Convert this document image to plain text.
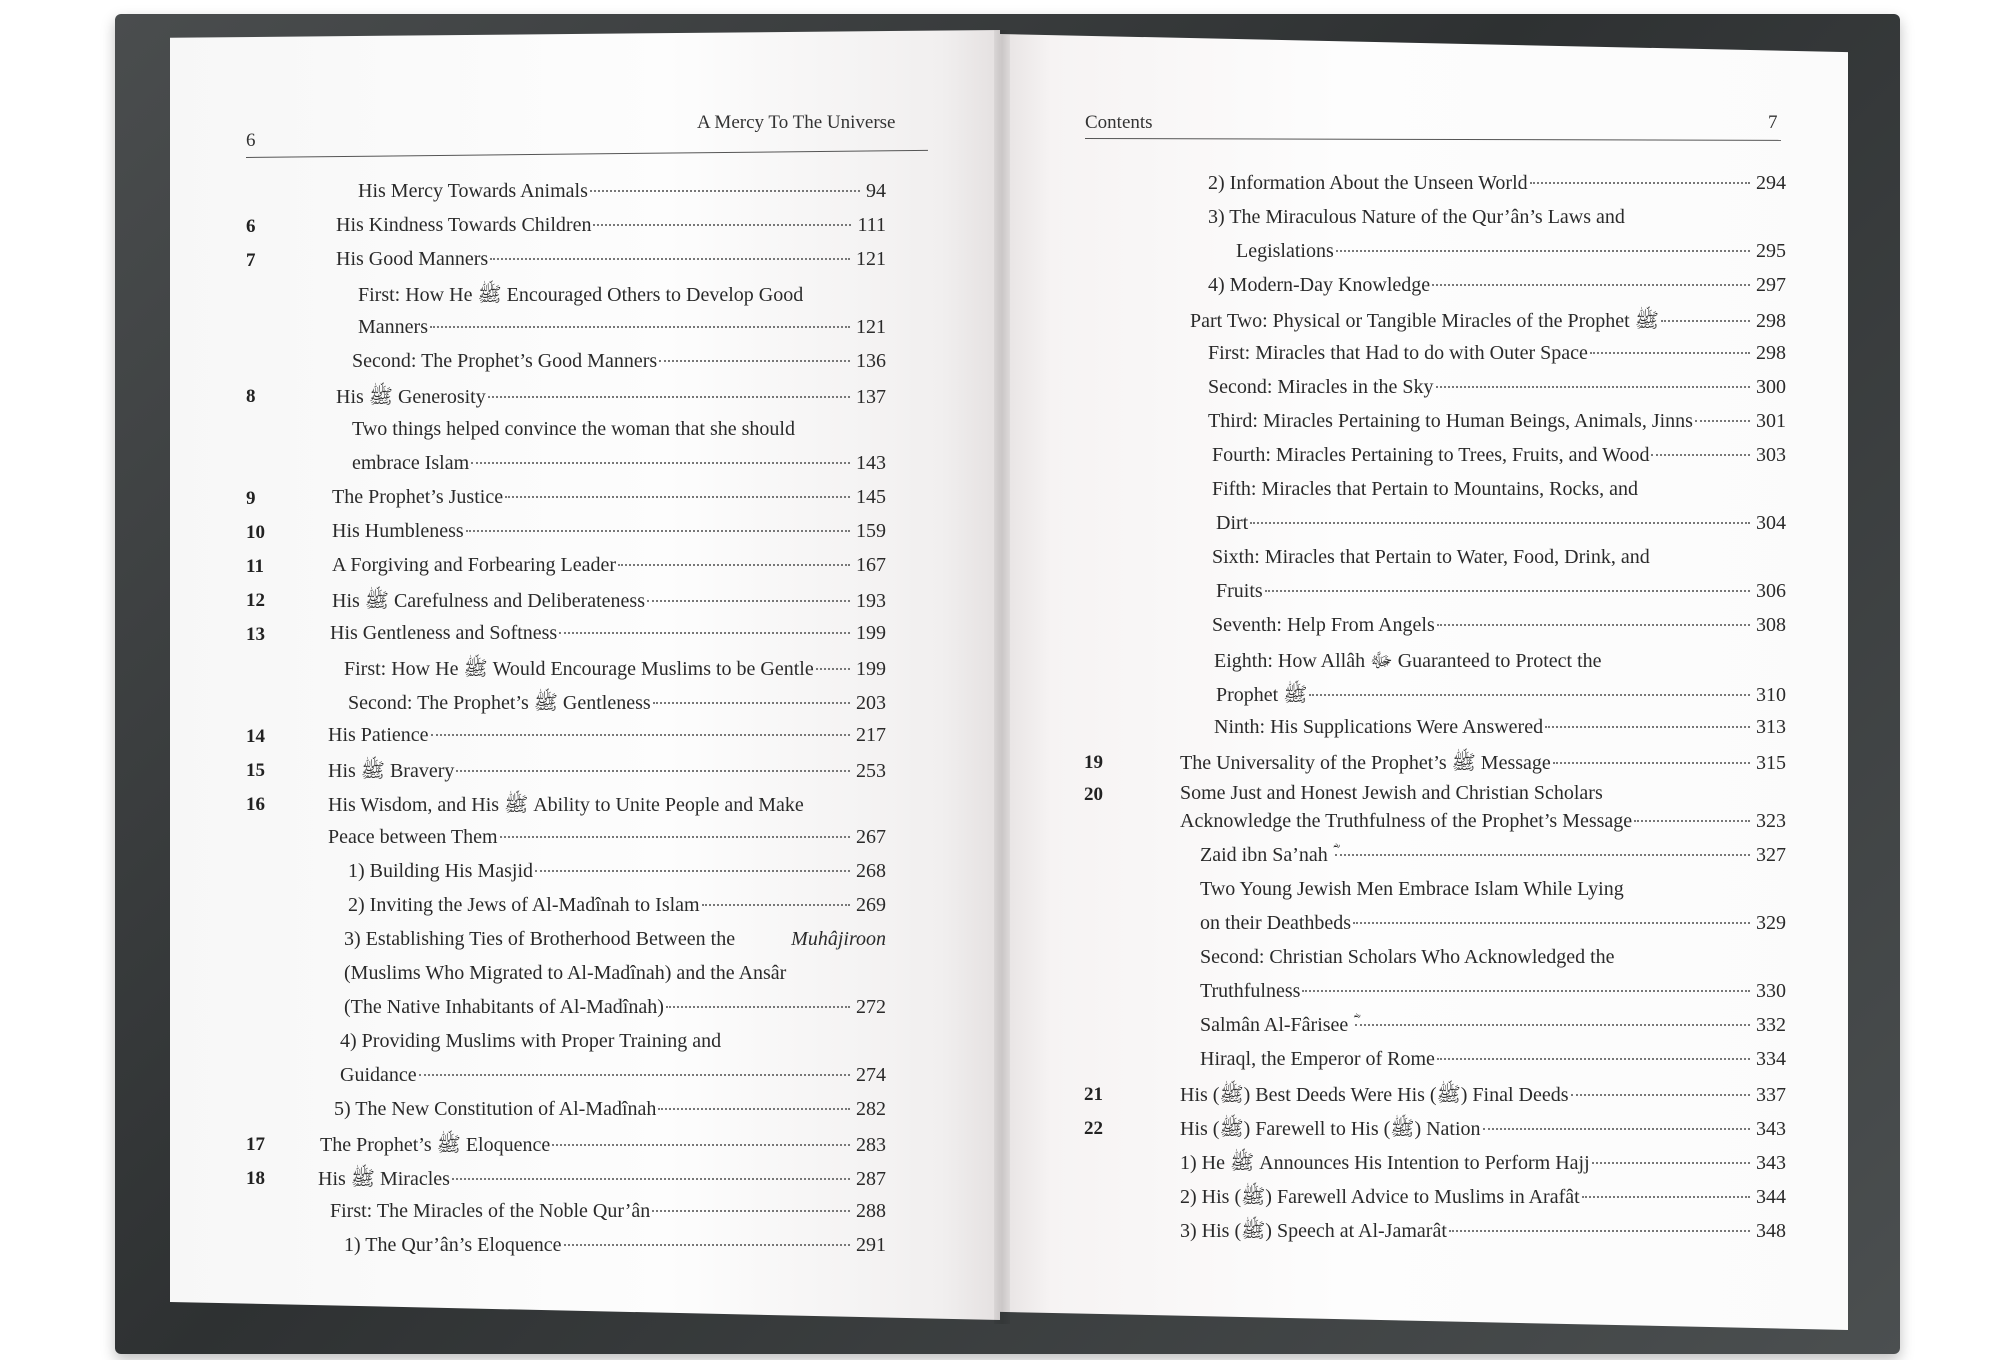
6
A Mercy To The Universe	Contents	7
His Mercy Towards Animals	94
6	His Kindness Towards Children	111
7	His Good Manners	121
First: How He ﷺ Encouraged Others to Develop Good
Manners	121
Second: The Prophet’s Good Manners	136
8	His ﷺ Generosity	137
Two things helped convince the woman that she should
embrace Islam	143
9	The Prophet’s Justice	145
10	His Humbleness	159
11	A Forgiving and Forbearing Leader	167
12	His ﷺ Carefulness and Deliberateness	193
13	His Gentleness and Softness	199
First: How He ﷺ Would Encourage Muslims to be Gentle 199
Second: The Prophet’s ﷺ Gentleness	203
14	His Patience	217
15	His ﷺ Bravery	253
16	His Wisdom, and His ﷺ Ability to Unite People and Make
Peace between Them	267
1) Building His Masjid	268
2) Inviting the Jews of Al-Madînah to Islam	269
3) Establishing Ties of Brotherhood Between the	Muhâjiroon
(Muslims Who Migrated to Al-Madînah) and the Ansâr
(The Native Inhabitants of Al-Madînah)	272
4) Providing Muslims with Proper Training and
Guidance	274
5) The New Constitution of Al-Madînah	282
17	The Prophet’s ﷺ Eloquence	283
18	His ﷺ Miracles	287
First: The Miracles of the Noble Qur’ân	288
1) The Qur’ân’s Eloquence	291
2) Information About the Unseen World	294
3) The Miraculous Nature of the Qur’ân’s Laws and
Legislations	295
4) Modern-Day Knowledge	297
Part Two: Physical or Tangible Miracles of the Prophet ﷺ	298
First: Miracles that Had to do with Outer Space	298
Second: Miracles in the Sky	300
Third: Miracles Pertaining to Human Beings, Animals, Jinns	301
Fourth: Miracles Pertaining to Trees, Fruits, and Wood	303
Fifth: Miracles that Pertain to Mountains, Rocks, and
Dirt	304
Sixth: Miracles that Pertain to Water, Food, Drink, and
Fruits	306
Seventh: Help From Angels	308
Eighth: How Allâh ﷻ Guaranteed to Protect the
Prophet ﷺ	310
Ninth: His Supplications Were Answered	313
19	The Universality of the Prophet’s ﷺ Message	315
20	Some Just and Honest Jewish and Christian Scholars
Acknowledge the Truthfulness of the Prophet’s Message	323
Zaid ibn Sa’nah ؓ	327
Two Young Jewish Men Embrace Islam While Lying
on their Deathbeds	329
Second: Christian Scholars Who Acknowledged the
Truthfulness	330
Salmân Al-Fârisee ؓ	332
Hiraql, the Emperor of Rome	334
21	His (ﷺ) Best Deeds Were His (ﷺ) Final Deeds	337
22	His (ﷺ) Farewell to His (ﷺ) Nation	343
1) He ﷺ Announces His Intention to Perform Hajj	343
2) His (ﷺ) Farewell Advice to Muslims in Arafât	344
3) His (ﷺ) Speech at Al-Jamarât	348
